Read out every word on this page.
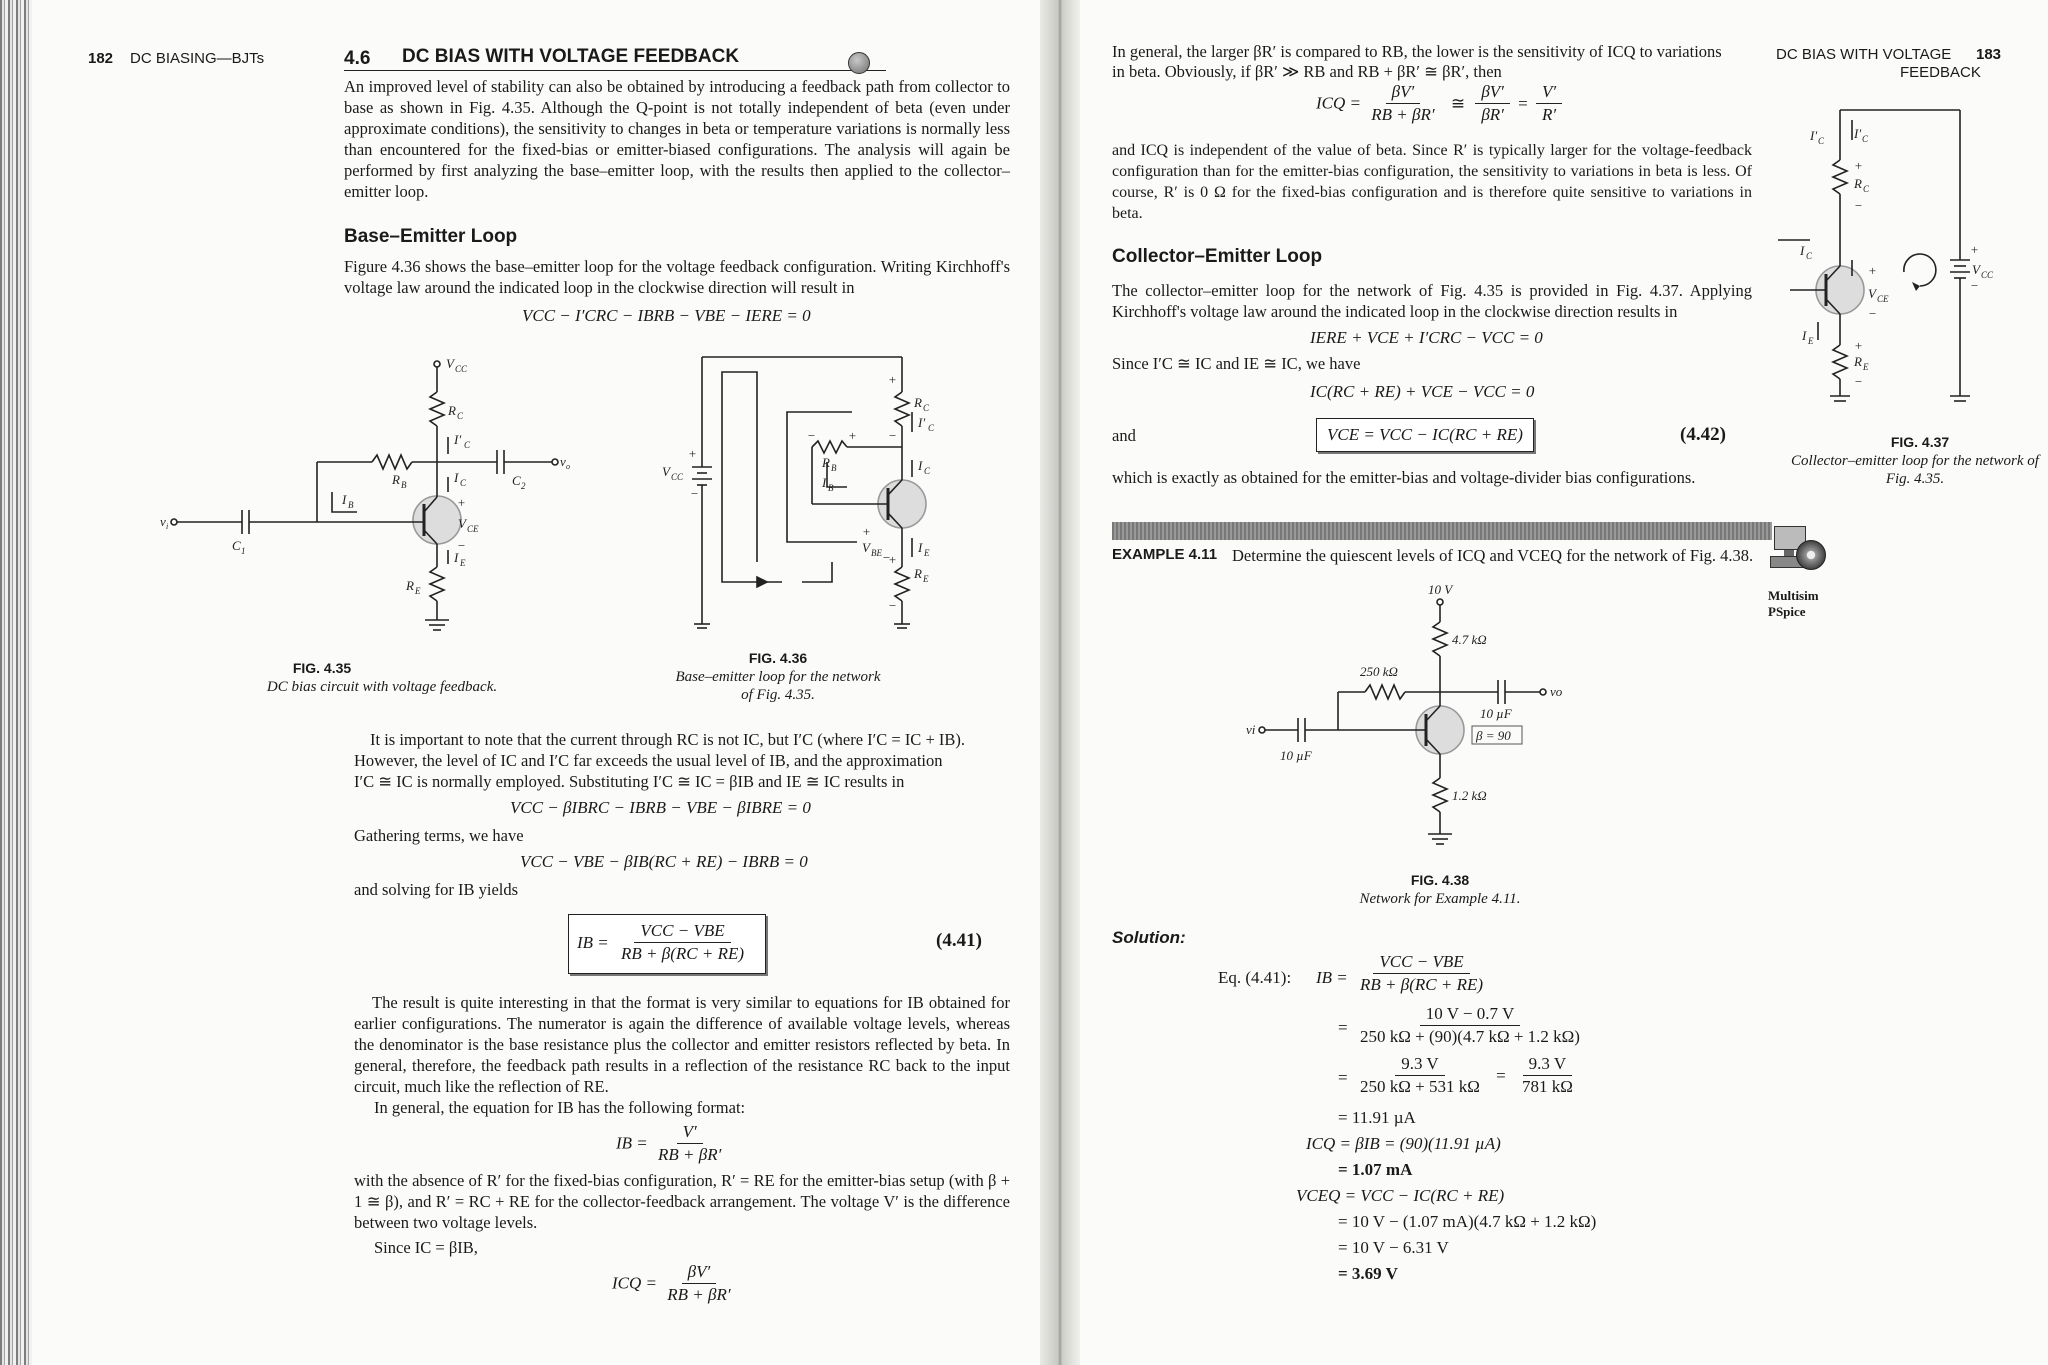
182 DC BIASING—BJTs	4.6 DC BIAS WITH VOLTAGE FEEDBACK
An improved level of stability can also be obtained by introducing a feedback path from collector to base as shown in Fig. 4.35. Although the Q-point is not totally independent of beta (even under approximate conditions), the sensitivity to changes in beta or temperature variations is normally less than encountered for the fixed-bias or emitter-biased configurations. The analysis will again be performed by first analyzing the base–emitter loop, with the results then applied to the collector–emitter loop.
Base–Emitter Loop
Figure 4.36 shows the base–emitter loop for the voltage feedback configuration. Writing Kirchhoff's voltage law around the indicated loop in the clockwise direction will result in
VCC − I′CRC − IBRB − VBE − IERE = 0
V CC
R C
I′ C
R B	I C
+
V CE
−
I E
R E
C 2
v o
v i
C 1
I B
FIG. 4.35
DC bias circuit with voltage feedback.
+
R C
I′ C
−
+
−
R B	I C
I B
+
V BE −
I E
+
R E
−
V CC
+
−
FIG. 4.36
Base–emitter loop for the network of Fig. 4.35.
It is important to note that the current through RC is not IC, but I′C (where I′C = IC + IB).
However, the level of IC and I′C far exceeds the usual level of IB, and the approximation
I′C ≅ IC is normally employed. Substituting I′C ≅ IC = βIB and IE ≅ IC results in
VCC − βIBRC − IBRB − VBE − βIBRE = 0
Gathering terms, we have
VCC − VBE − βIB(RC + RE) − IBRB = 0
and solving for IB yields
IB =
VCC − VBE
RB + β(RC + RE)
(4.41)
The result is quite interesting in that the format is very similar to equations for IB obtained for earlier configurations. The numerator is again the difference of available voltage levels, whereas the denominator is the base resistance plus the collector and emitter resistors reflected by beta. In general, therefore, the feedback path results in a reflection of the resistance RC back to the input circuit, much like the reflection of RE.
In general, the equation for IB has the following format:
IB = $\frac{V'}{RB + \beta R'}$
with the absence of R′ for the fixed-bias configuration, R′ = RE for the emitter-bias setup (with β + 1 ≅ β), and R′ = RC + RE for the collector-feedback arrangement. The voltage V′ is the difference between two voltage levels.
Since IC = βIB,
ICQ = $\frac{\beta V'}{RB + \beta R'}$
In general, the larger βR′ is compared to RB, the lower is the sensitivity of ICQ to variations
in beta. Obviously, if βR′ ≫ RB and RB + βR′ ≅ βR′, then
DC BIAS WITH VOLTAGE
FEEDBACK
183
ICQ = $\frac{\beta V'}{RB + \beta R'}$ ≅ $\frac{\beta V'}{\beta R'} = \frac{V'}{R'}$
and ICQ is independent of the value of beta. Since R′ is typically larger for the voltage-feedback configuration than for the emitter-bias configuration, the sensitivity to variations in beta is less. Of course, R′ is 0 Ω for the fixed-bias configuration and is therefore quite sensitive to variations in beta.
Collector–Emitter Loop
The collector–emitter loop for the network of Fig. 4.35 is provided in Fig. 4.37. Applying Kirchhoff's voltage law around the indicated loop in the clockwise direction results in
IERE + VCE + I′CRC − VCC = 0
Since I′C ≅ IC and IE ≅ IC, we have
IC(RC + RE) + VCE − VCC = 0
and	VCE = VCC − IC(RC + RE)	(4.42)
which is exactly as obtained for the emitter-bias and voltage-divider bias configurations.
I′ C
I′ C
+
R C
−
I C
+
V CE
−
I E	+
R E
−
+
V CC
−
FIG. 4.37
Collector–emitter loop for the network of Fig. 4.35.
EXAMPLE 4.11 Determine the quiescent levels of ICQ and VCEQ for the network of Fig. 4.38.
Multisim
PSpice
10 V
4.7 kΩ
250 kΩ
10 µF
vo
vi
10 µF
β = 90
1.2 kΩ
FIG. 4.38
Network for Example 4.11.
Solution:
Eq. (4.41): IB = $\frac{\text{VCC − VBE}}{RB + \beta(RC + RE)}$
= $\frac{10 V - 0.7 V}{250 k\Omega + (90)(4.7 k\Omega + 1.2 k\Omega)}$
= $\frac{9.3 V}{250 k\Omega + 531 k\Omega} = \frac{9.3 V}{781 k\Omega}$
= 11.91 µA
ICQ = βIB = (90)(11.91 µA)
= 1.07 mA
VCEQ = VCC − IC(RC + RE)
= 10 V − (1.07 mA)(4.7 kΩ + 1.2 kΩ)
= 10 V − 6.31 V
= 3.69 V
